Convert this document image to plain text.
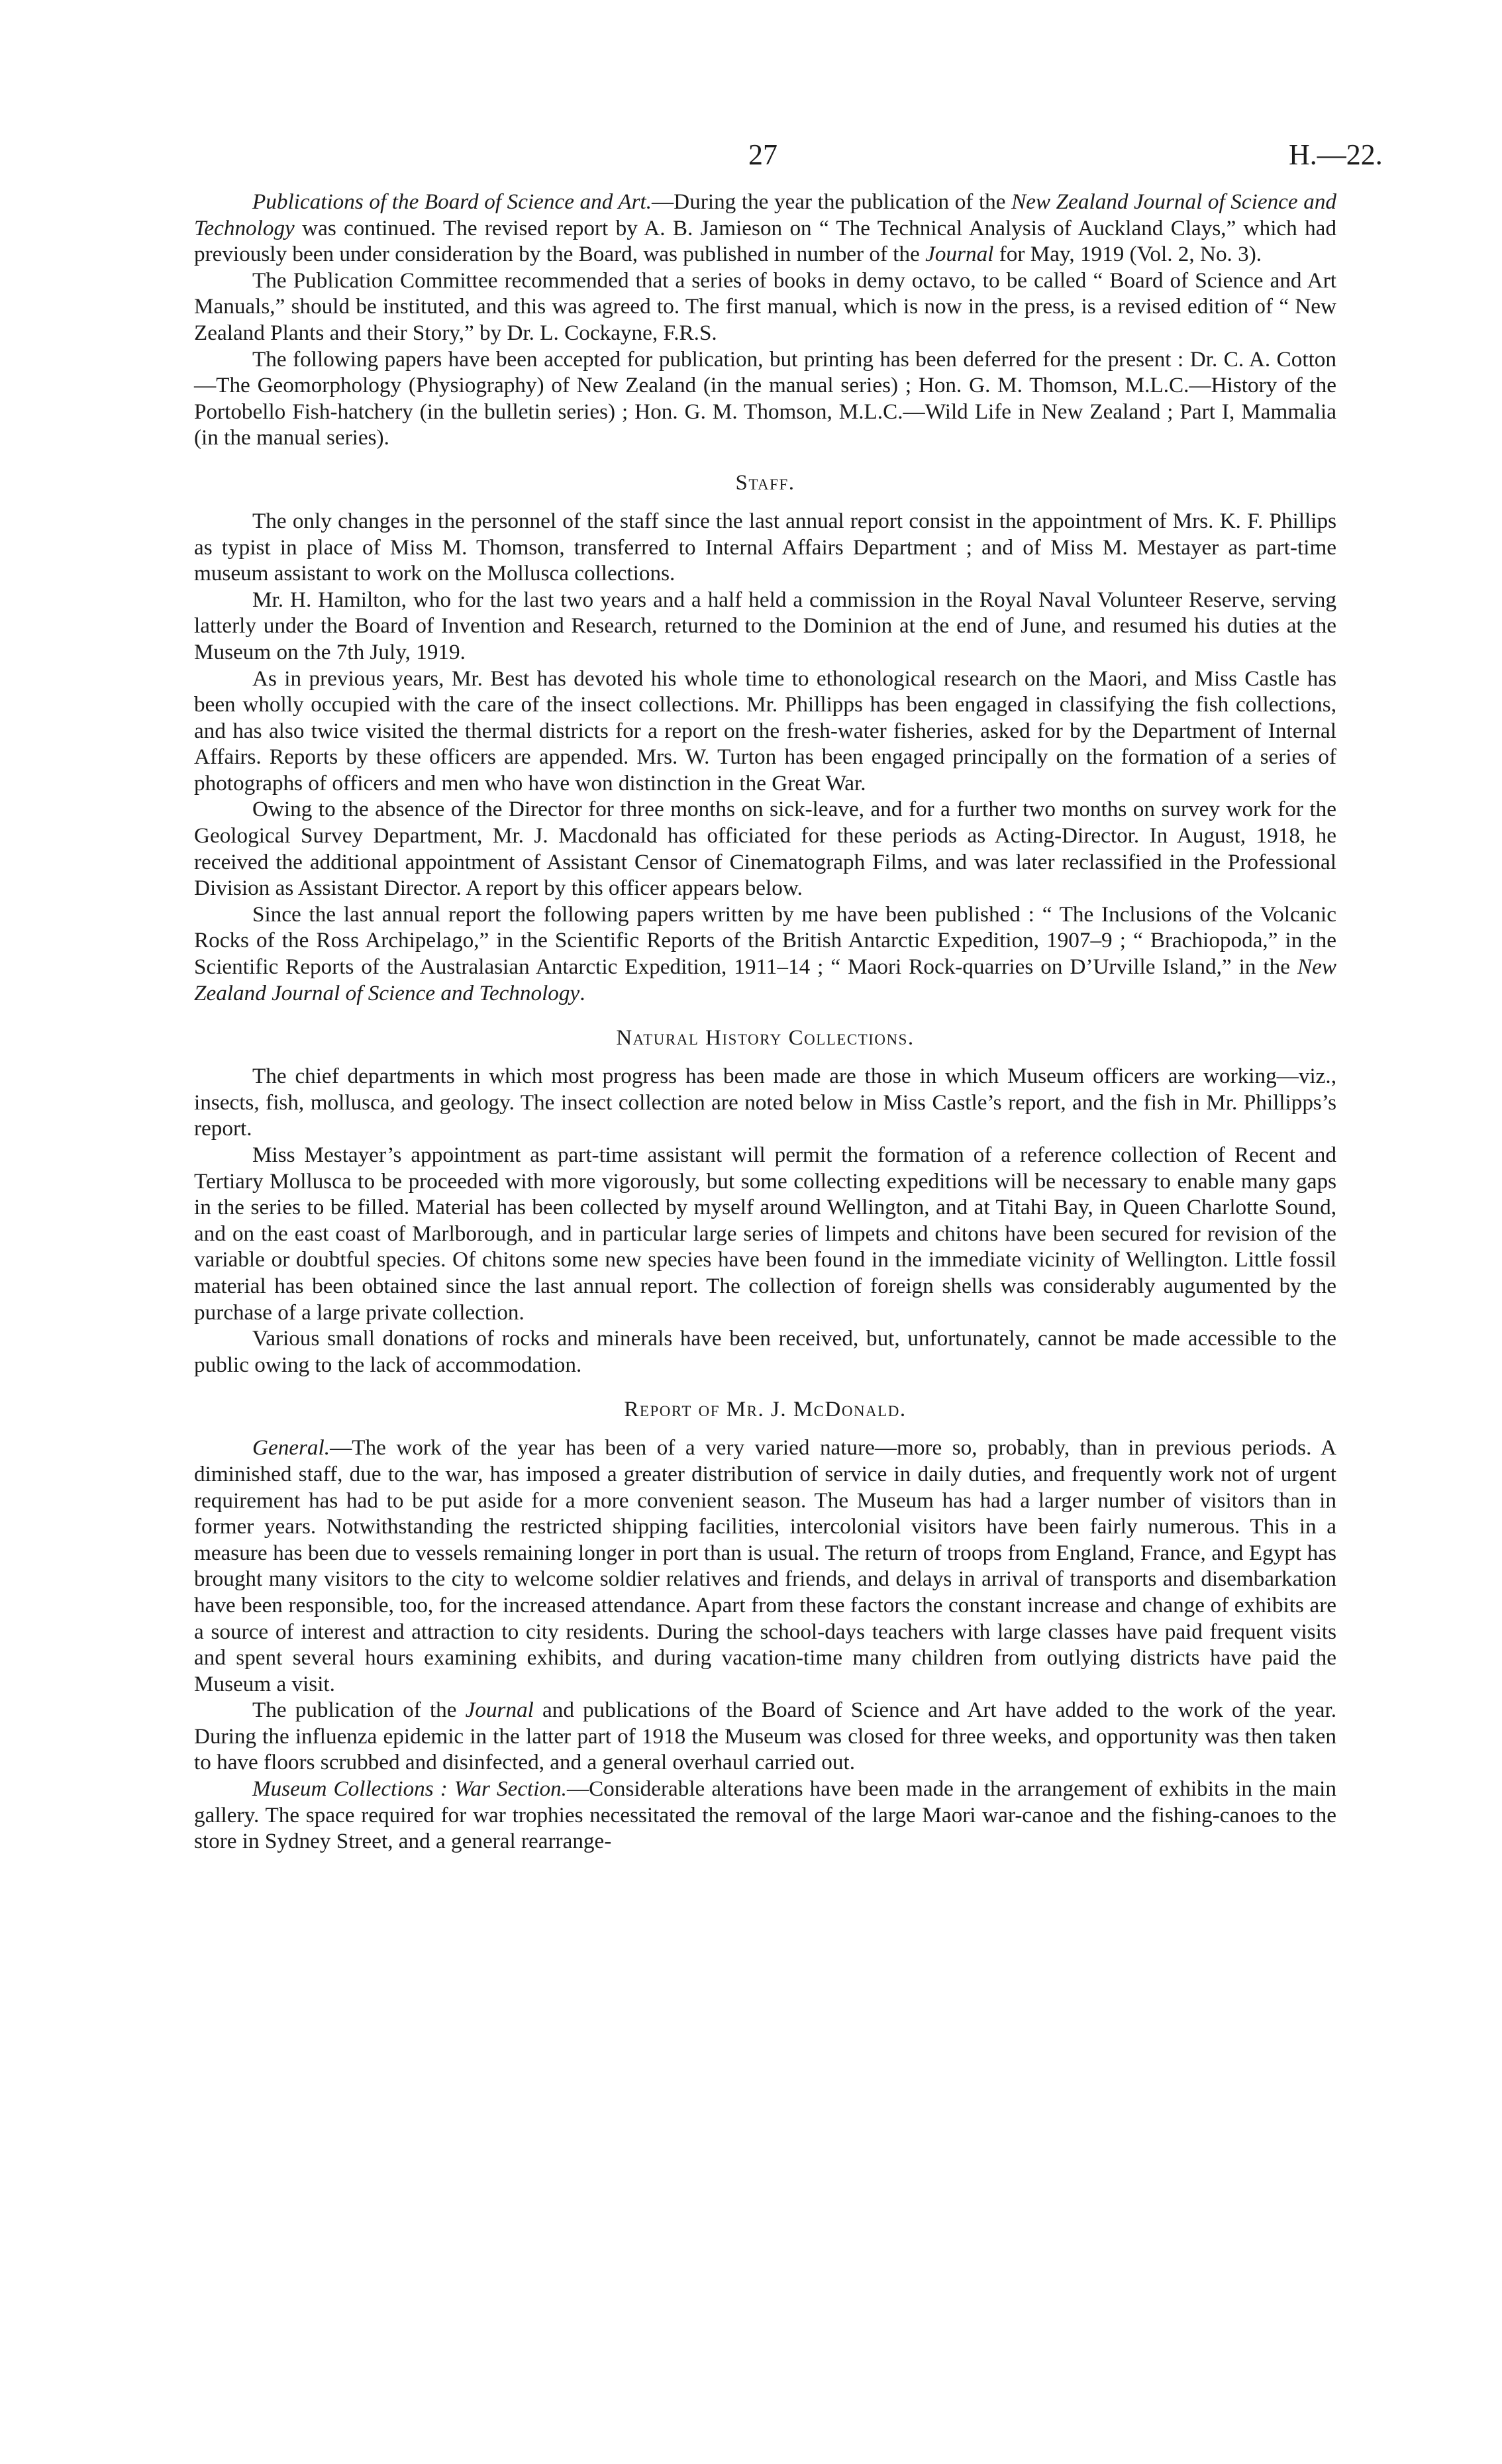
27	H.—22.

Publications of the Board of Science and Art.—During the year the publication of the New Zealand Journal of Science and Technology was continued. The revised report by A. B. Jamieson on “ The Technical Analysis of Auckland Clays,” which had previously been under consideration by the Board, was published in number of the Journal for May, 1919 (Vol. 2, No. 3).

The Publication Committee recommended that a series of books in demy octavo, to be called “ Board of Science and Art Manuals,” should be instituted, and this was agreed to. The first manual, which is now in the press, is a revised edition of “ New Zealand Plants and their Story,” by Dr. L. Cockayne, F.R.S.

The following papers have been accepted for publication, but printing has been deferred for the present : Dr. C. A. Cotton—The Geomorphology (Physiography) of New Zealand (in the manual series) ; Hon. G. M. Thomson, M.L.C.—History of the Portobello Fish-hatchery (in the bulletin series) ; Hon. G. M. Thomson, M.L.C.—Wild Life in New Zealand ; Part I, Mammalia (in the manual series).

Staff.

The only changes in the personnel of the staff since the last annual report consist in the appointment of Mrs. K. F. Phillips as typist in place of Miss M. Thomson, transferred to Internal Affairs Department ; and of Miss M. Mestayer as part-time museum assistant to work on the Mollusca collections.

Mr. H. Hamilton, who for the last two years and a half held a commission in the Royal Naval Volunteer Reserve, serving latterly under the Board of Invention and Research, returned to the Dominion at the end of June, and resumed his duties at the Museum on the 7th July, 1919.

As in previous years, Mr. Best has devoted his whole time to ethonological research on the Maori, and Miss Castle has been wholly occupied with the care of the insect collections. Mr. Phillipps has been engaged in classifying the fish collections, and has also twice visited the thermal districts for a report on the fresh-water fisheries, asked for by the Department of Internal Affairs. Reports by these officers are appended. Mrs. W. Turton has been engaged principally on the formation of a series of photographs of officers and men who have won distinction in the Great War.

Owing to the absence of the Director for three months on sick-leave, and for a further two months on survey work for the Geological Survey Department, Mr. J. Macdonald has officiated for these periods as Acting-Director. In August, 1918, he received the additional appointment of Assistant Censor of Cinematograph Films, and was later reclassified in the Professional Division as Assistant Director. A report by this officer appears below.

Since the last annual report the following papers written by me have been published : “ The Inclusions of the Volcanic Rocks of the Ross Archipelago,” in the Scientific Reports of the British Antarctic Expedition, 1907–9 ; “ Brachiopoda,” in the Scientific Reports of the Australasian Antarctic Expedition, 1911–14 ; “ Maori Rock-quarries on D’Urville Island,” in the New Zealand Journal of Science and Technology.

Natural History Collections.

The chief departments in which most progress has been made are those in which Museum officers are working—viz., insects, fish, mollusca, and geology. The insect collection are noted below in Miss Castle’s report, and the fish in Mr. Phillipps’s report.

Miss Mestayer’s appointment as part-time assistant will permit the formation of a reference collection of Recent and Tertiary Mollusca to be proceeded with more vigorously, but some collecting expeditions will be necessary to enable many gaps in the series to be filled. Material has been collected by myself around Wellington, and at Titahi Bay, in Queen Charlotte Sound, and on the east coast of Marlborough, and in particular large series of limpets and chitons have been secured for revision of the variable or doubtful species. Of chitons some new species have been found in the immediate vicinity of Wellington. Little fossil material has been obtained since the last annual report. The collection of foreign shells was considerably augumented by the purchase of a large private collection.

Various small donations of rocks and minerals have been received, but, unfortunately, cannot be made accessible to the public owing to the lack of accommodation.

Report of Mr. J. McDonald.

General.—The work of the year has been of a very varied nature—more so, probably, than in previous periods. A diminished staff, due to the war, has imposed a greater distribution of service in daily duties, and frequently work not of urgent requirement has had to be put aside for a more convenient season. The Museum has had a larger number of visitors than in former years. Notwithstanding the restricted shipping facilities, intercolonial visitors have been fairly numerous. This in a measure has been due to vessels remaining longer in port than is usual. The return of troops from England, France, and Egypt has brought many visitors to the city to welcome soldier relatives and friends, and delays in arrival of transports and disembarkation have been responsible, too, for the increased attendance. Apart from these factors the constant increase and change of exhibits are a source of interest and attraction to city residents. During the school-days teachers with large classes have paid frequent visits and spent several hours examining exhibits, and during vacation-time many children from outlying districts have paid the Museum a visit.

The publication of the Journal and publications of the Board of Science and Art have added to the work of the year. During the influenza epidemic in the latter part of 1918 the Museum was closed for three weeks, and opportunity was then taken to have floors scrubbed and disinfected, and a general overhaul carried out.

Museum Collections : War Section.—Considerable alterations have been made in the arrangement of exhibits in the main gallery. The space required for war trophies necessitated the removal of the large Maori war-canoe and the fishing-canoes to the store in Sydney Street, and a general rearrange-
